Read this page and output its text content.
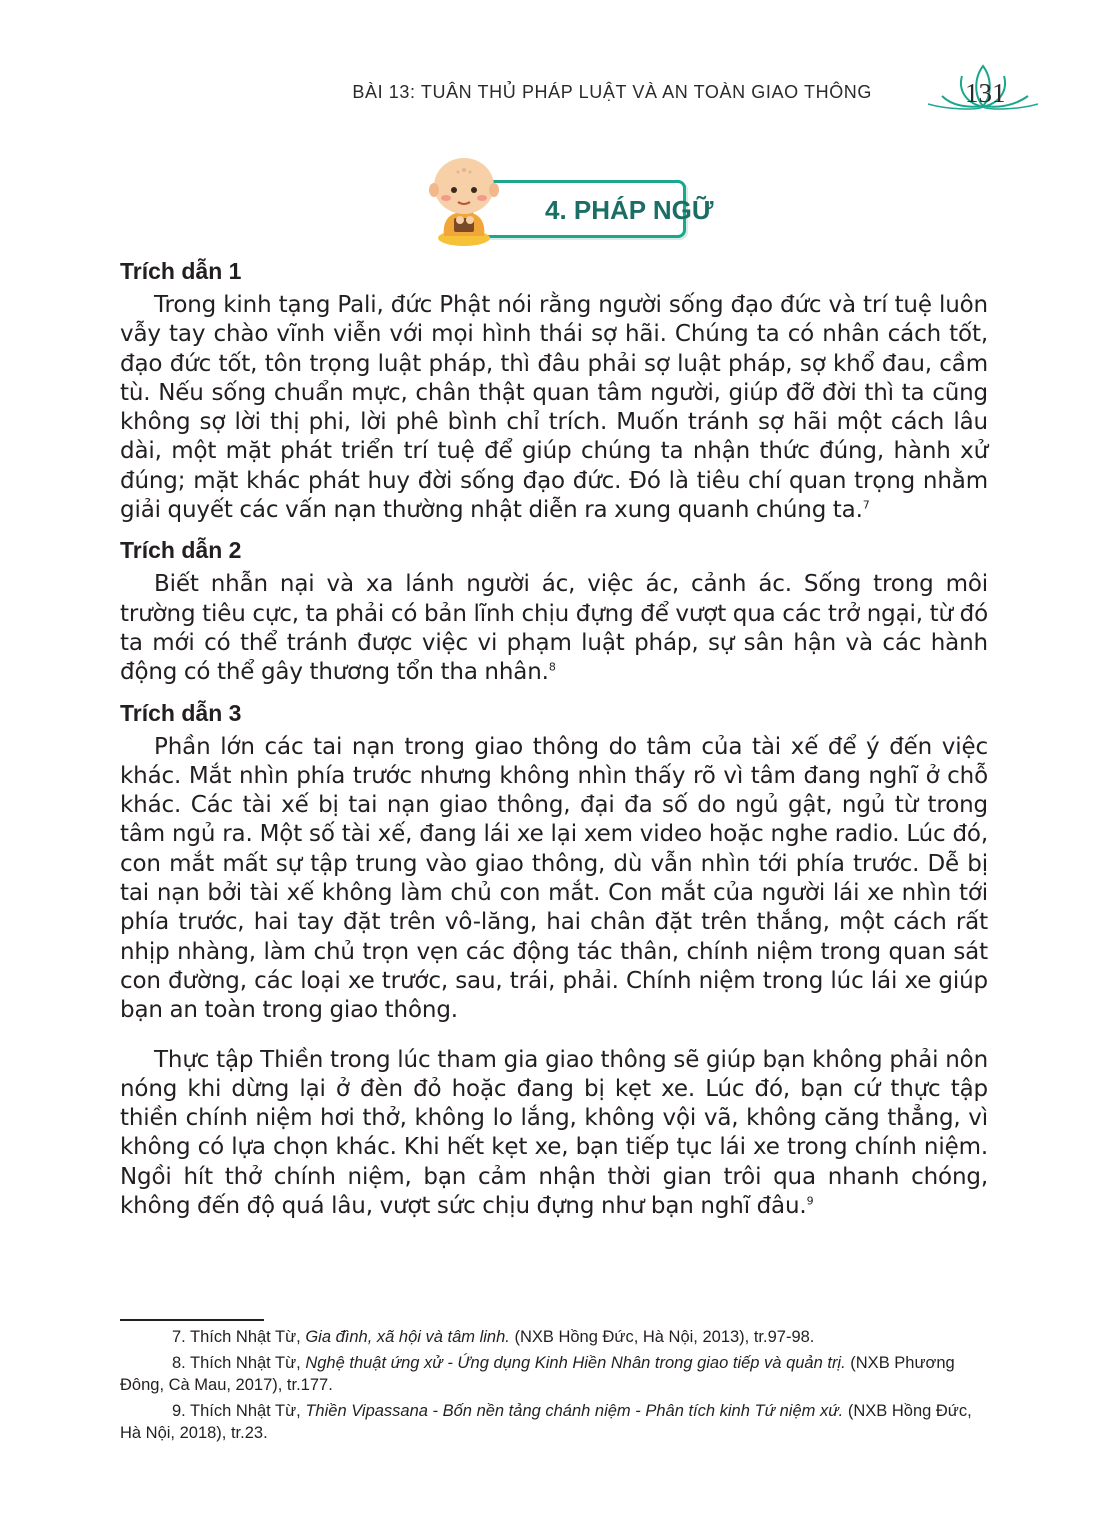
BÀI 13: TUÂN THỦ PHÁP LUẬT VÀ AN TOÀN GIAO THÔNG	131
4. PHÁP NGỮ
Trích dẫn 1

Trong kinh tạng Pali, đức Phật nói rằng người sống đạo đức và trí tuệ luôn vẫy tay chào vĩnh viễn với mọi hình thái sợ hãi. Chúng ta có nhân cách tốt, đạo đức tốt, tôn trọng luật pháp, thì đâu phải sợ luật pháp, sợ khổ đau, cầm tù. Nếu sống chuẩn mực, chân thật quan tâm người, giúp đỡ đời thì ta cũng không sợ lời thị phi, lời phê bình chỉ trích. Muốn tránh sợ hãi một cách lâu dài, một mặt phát triển trí tuệ để giúp chúng ta nhận thức đúng, hành xử đúng; mặt khác phát huy đời sống đạo đức. Đó là tiêu chí quan trọng nhằm giải quyết các vấn nạn thường nhật diễn ra xung quanh chúng ta.$^7$

Trích dẫn 2

Biết nhẫn nại và xa lánh người ác, việc ác, cảnh ác. Sống trong môi trường tiêu cực, ta phải có bản lĩnh chịu đựng để vượt qua các trở ngại, từ đó ta mới có thể tránh được việc vi phạm luật pháp, sự sân hận và các hành động có thể gây thương tổn tha nhân.$^8$

Trích dẫn 3

Phần lớn các tai nạn trong giao thông do tâm của tài xế để ý đến việc khác. Mắt nhìn phía trước nhưng không nhìn thấy rõ vì tâm đang nghĩ ở chỗ khác. Các tài xế bị tai nạn giao thông, đại đa số do ngủ gật, ngủ từ trong tâm ngủ ra. Một số tài xế, đang lái xe lại xem video hoặc nghe radio. Lúc đó, con mắt mất sự tập trung vào giao thông, dù vẫn nhìn tới phía trước. Dễ bị tai nạn bởi tài xế không làm chủ con mắt. Con mắt của người lái xe nhìn tới phía trước, hai tay đặt trên vô-lăng, hai chân đặt trên thắng, một cách rất nhịp nhàng, làm chủ trọn vẹn các động tác thân, chính niệm trong quan sát con đường, các loại xe trước, sau, trái, phải. Chính niệm trong lúc lái xe giúp bạn an toàn trong giao thông.

Thực tập Thiền trong lúc tham gia giao thông sẽ giúp bạn không phải nôn nóng khi dừng lại ở đèn đỏ hoặc đang bị kẹt xe. Lúc đó, bạn cứ thực tập thiền chính niệm hơi thở, không lo lắng, không vội vã, không căng thẳng, vì không có lựa chọn khác. Khi hết kẹt xe, bạn tiếp tục lái xe trong chính niệm. Ngồi hít thở chính niệm, bạn cảm nhận thời gian trôi qua nhanh chóng, không đến độ quá lâu, vượt sức chịu đựng như bạn nghĩ đâu.$^9$

7. Thích Nhật Từ, Gia đình, xã hội và tâm linh. (NXB Hồng Đức, Hà Nội, 2013), tr.97-98.

8. Thích Nhật Từ, Nghệ thuật ứng xử - Ứng dụng Kinh Hiền Nhân trong giao tiếp và quản trị. (NXB Phương Đông, Cà Mau, 2017), tr.177.

9. Thích Nhật Từ, Thiền Vipassana - Bốn nền tảng chánh niệm - Phân tích kinh Tứ niệm xứ. (NXB Hồng Đức, Hà Nội, 2018), tr.23.
